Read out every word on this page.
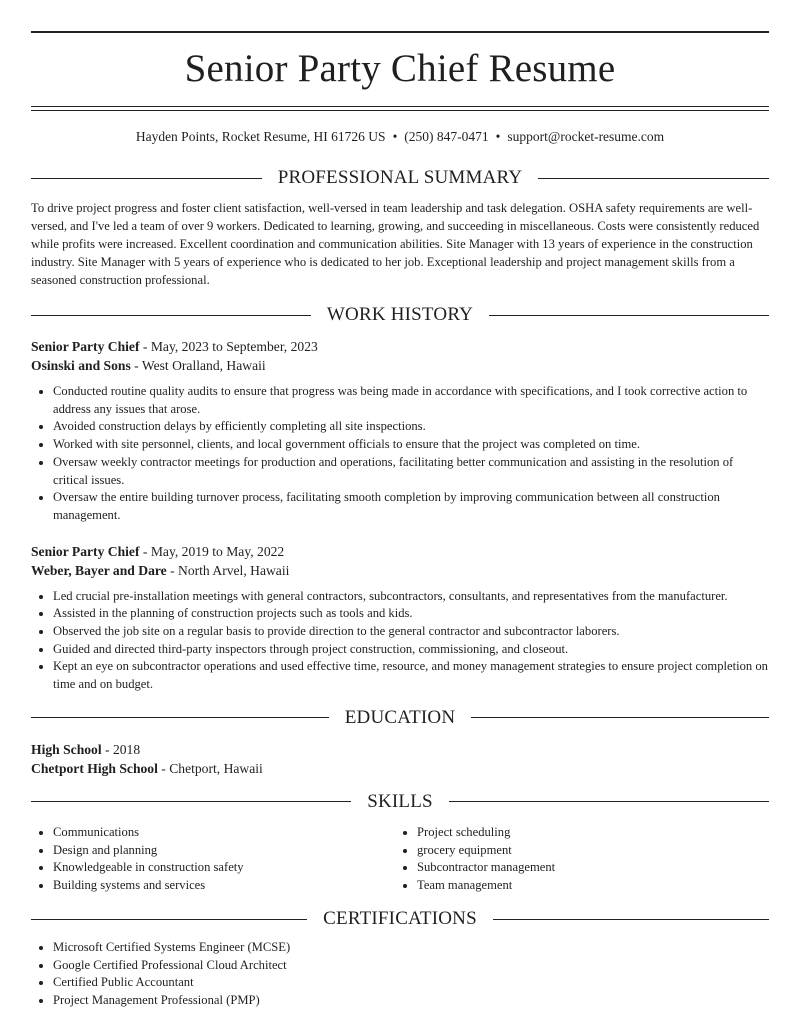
Senior Party Chief Resume
Hayden Points, Rocket Resume, HI 61726 US • (250) 847-0471 • support@rocket-resume.com
PROFESSIONAL SUMMARY

To drive project progress and foster client satisfaction, well-versed in team leadership and task delegation. OSHA safety requirements are well-versed, and I've led a team of over 9 workers. Dedicated to learning, growing, and succeeding in miscellaneous. Costs were consistently reduced while profits were increased. Excellent coordination and communication abilities. Site Manager with 13 years of experience in the construction industry. Site Manager with 5 years of experience who is dedicated to her job. Exceptional leadership and project management skills from a seasoned construction professional.

WORK HISTORY
Senior Party Chief - May, 2023 to September, 2023
Osinski and Sons - West Oralland, Hawaii
• Conducted routine quality audits to ensure that progress was being made in accordance with specifications, and I took corrective action to address any issues that arose.
• Avoided construction delays by efficiently completing all site inspections.
• Worked with site personnel, clients, and local government officials to ensure that the project was completed on time.
• Oversaw weekly contractor meetings for production and operations, facilitating better communication and assisting in the resolution of critical issues.
• Oversaw the entire building turnover process, facilitating smooth completion by improving communication between all construction management.
Senior Party Chief - May, 2019 to May, 2022
Weber, Bayer and Dare - North Arvel, Hawaii
• Led crucial pre-installation meetings with general contractors, subcontractors, consultants, and representatives from the manufacturer.
• Assisted in the planning of construction projects such as tools and kids.
• Observed the job site on a regular basis to provide direction to the general contractor and subcontractor laborers.
• Guided and directed third-party inspectors through project construction, commissioning, and closeout.
• Kept an eye on subcontractor operations and used effective time, resource, and money management strategies to ensure project completion on time and on budget.
EDUCATION
High School - 2018
Chetport High School - Chetport, Hawaii
SKILLS
• Communications
• Design and planning
• Knowledgeable in construction safety
• Building systems and services
• Project scheduling
• grocery equipment
• Subcontractor management
• Team management
CERTIFICATIONS
• Microsoft Certified Systems Engineer (MCSE)
• Google Certified Professional Cloud Architect
• Certified Public Accountant
• Project Management Professional (PMP)
